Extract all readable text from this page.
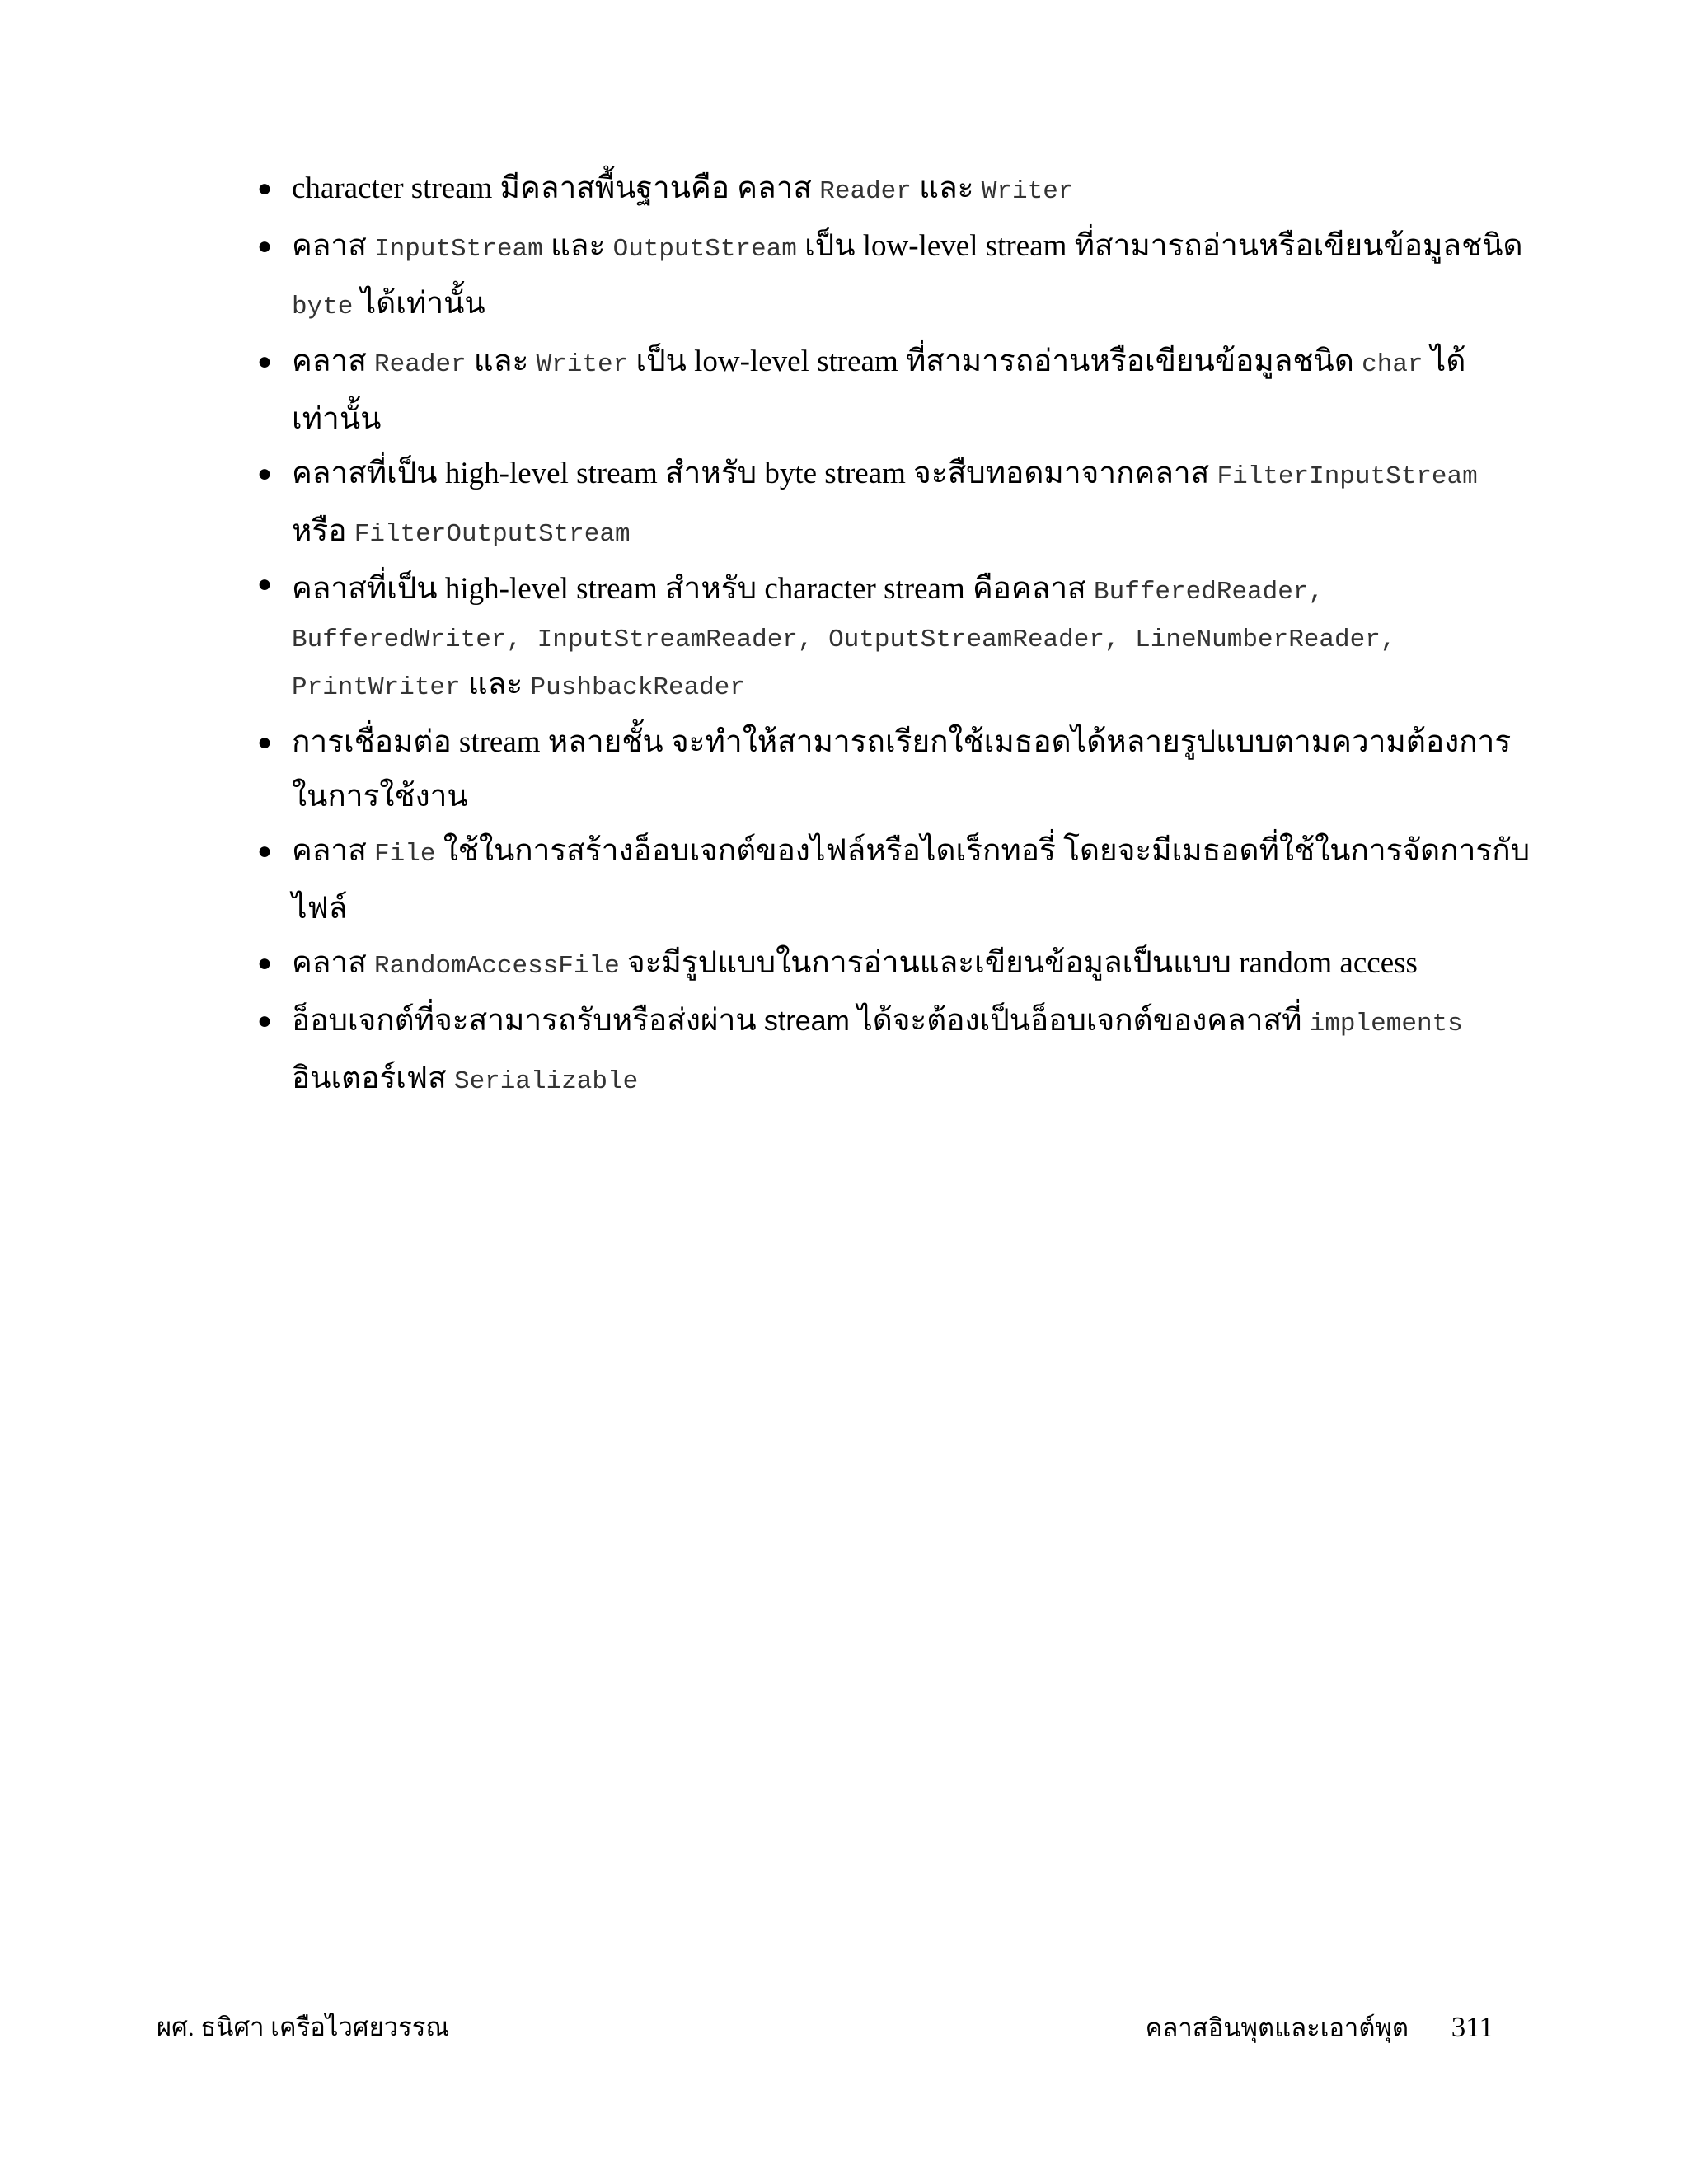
● character stream มีคลาสพื้นฐานคือ คลาส Reader และ Writer
● คลาส InputStream และ OutputStream เป็น low-level stream ที่สามารถอ่านหรือเขียนข้อมูลชนิด byte ได้เท่านั้น
● คลาส Reader และ Writer เป็น low-level stream ที่สามารถอ่านหรือเขียนข้อมูลชนิด char ได้เท่านั้น
● คลาสที่เป็น high-level stream สำหรับ byte stream จะสืบทอดมาจากคลาส FilterInputStream หรือ FilterOutputStream
● คลาสที่เป็น high-level stream สำหรับ character stream คือคลาส BufferedReader, BufferedWriter, InputStreamReader, OutputStreamReader, LineNumberReader, PrintWriter และ PushbackReader
● การเชื่อมต่อ stream หลายชั้น จะทำให้สามารถเรียกใช้เมธอดได้หลายรูปแบบตามความต้องการในการใช้งาน
● คลาส File ใช้ในการสร้างอ็อบเจกต์ของไฟล์หรือไดเร็กทอรี่ โดยจะมีเมธอดที่ใช้ในการจัดการกับไฟล์
● คลาส RandomAccessFile จะมีรูปแบบในการอ่านและเขียนข้อมูลเป็นแบบ random access
● อ็อบเจกต์ที่จะสามารถรับหรือส่งผ่าน stream ได้จะต้องเป็นอ็อบเจกต์ของคลาสที่ implements อินเตอร์เฟส Serializable
ผศ. ธนิศา เครือไวศยวรรณ	คลาสอินพุตและเอาต์พุต 311
